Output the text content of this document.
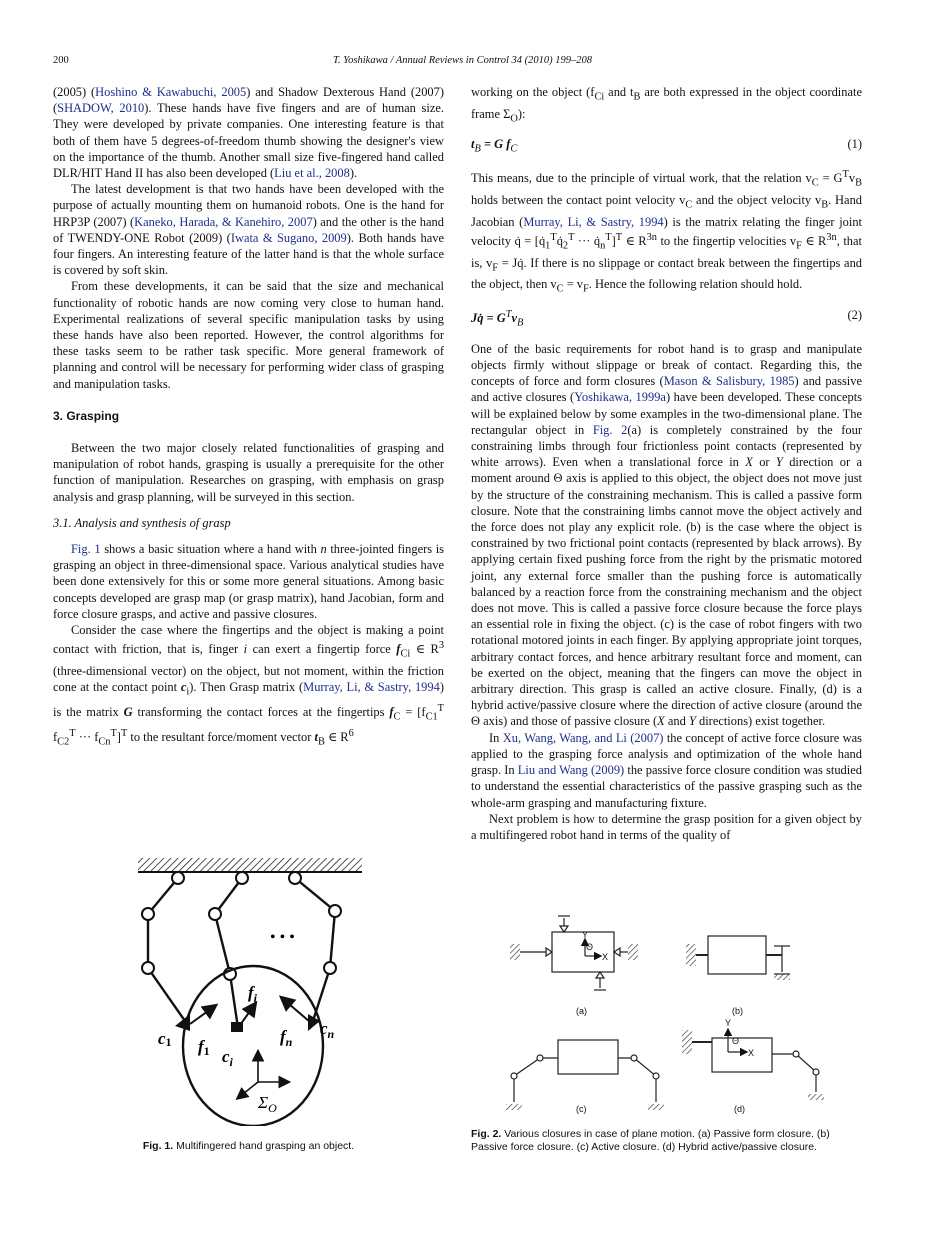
200	T. Yoshikawa / Annual Reviews in Control 34 (2010) 199–208

(2005) (Hoshino & Kawabuchi, 2005) and Shadow Dexterous Hand (2007) (SHADOW, 2010). These hands have five fingers and are of human size. They were developed by private companies. One interesting feature is that both of them have 5 degrees-of-freedom thumb showing the designer's view on the importance of the thumb. Another small size five-fingered hand called DLR/HIT Hand II has also been developed (Liu et al., 2008).

The latest development is that two hands have been developed with the purpose of actually mounting them on humanoid robots. One is the hand for HRP3P (2007) (Kaneko, Harada, & Kanehiro, 2007) and the other is the hand of TWENDY-ONE Robot (2009) (Iwata & Sugano, 2009). Both hands have four fingers. An interesting feature of the latter hand is that the whole surface is covered by soft skin.

From these developments, it can be said that the size and mechanical functionality of robotic hands are now coming very close to human hand. Experimental realizations of several specific manipulation tasks by using these hands have also been reported. However, the control algorithms for these tasks seem to be rather task specific. More general framework of planning and control will be necessary for performing wider class of grasping and manipulation tasks.

3. Grasping

Between the two major closely related functionalities of grasping and manipulation of robot hands, grasping is usually a prerequisite for the other function of manipulation. Researches on grasping, with emphasis on grasp analysis and grasp planning, will be surveyed in this section.

3.1. Analysis and synthesis of grasp

Fig. 1 shows a basic situation where a hand with n three-jointed fingers is grasping an object in three-dimensional space. Various analytical studies have been done extensively for this or some more general situations. Among basic concepts developed are grasp map (or grasp matrix), hand Jacobian, form and force closure grasps, and active and passive closures.

Consider the case where the fingertips and the object is making a point contact with friction, that is, finger i can exert a fingertip force $f_{Ci}$ ∈ $R^3$ (three-dimensional vector) on the object, but not moment, within the friction cone at the contact point $c_i$). Then Grasp matrix (Murray, Li, & Sastry, 1994) is the matrix G transforming the contact forces at the fingertips $f_C = [f_{C1}^T$ $f_{C2}^T$ ··· $f_{Cn}^T]^T$ to the resultant force/moment vector $t_B$ ∈ $R^6$

• • •
c1 f1 $c_i$
$f_i$
$f_n$
$c_n$
$\Sigma_O$
Fig. 1. Multifingered hand grasping an object.

working on the object ($f_{Ci}$ and $t_B$ are both expressed in the object coordinate frame $\Sigma_O$):

$t_B = G$ $f_C$	(1)

This means, due to the principle of virtual work, that the relation $v_C = G^Tv_B$ holds between the contact point velocity $v_C$ and the object velocity $v_B$. Hand Jacobian (Murray, Li, & Sastry, 1994) is the matrix relating the finger joint velocity q̇ = [$q̇_1^Tq̇_2^T$ ··· $q̇_n^T]^T$ ∈ $R^{3n}$ to the fingertip velocities $v_F$ ∈ $R^{3n}$, that is, $v_F$ = Jq̇. If there is no slippage or contact break between the fingertips and the object, then $v_C = v_F$. Hence the following relation should hold.

Jq̇ = $G^Tv_B$
(2)

One of the basic requirements for robot hand is to grasp and manipulate objects firmly without slippage or break of contact. Regarding this, the concepts of force and form closures (Mason & Salisbury, 1985) and passive and active closures (Yoshikawa, 1999a) have been developed. These concepts will be explained below by some examples in the two-dimensional plane. The rectangular object in Fig. 2(a) is completely constrained by the four constraining limbs through four frictionless point contacts (represented by white arrows). Even when a translational force in X or Y direction or a moment around Θ axis is applied to this object, the object does not move just by the structure of the constraining mechanism. This is called a passive form closure. Note that the constraining limbs cannot move the object actively and the force does not play any explicit role. (b) is the case where the object is constrained by two frictional point contacts (represented by black arrows). By applying certain fixed pushing force from the right by the prismatic motored joint, any external force smaller than the pushing force is automatically balanced by a reaction force from the constraining mechanism and the object does not move. This is called a passive force closure because the force plays an essential role in fixing the object. (c) is the case of robot fingers with two rotational motored joints in each finger. By applying appropriate joint torques, arbitrary contact forces, and hence arbitrary resultant force and moment, can be exerted on the object, meaning that the fingers can move the object in arbitrary direction. This grasp is called an active closure. Finally, (d) is a hybrid active/passive closure where the direction of active closure (around the Θ axis) and those of passive closure (X and Y directions) exist together.

In Xu, Wang, Wang, and Li (2007) the concept of active force closure was applied to the grasping force analysis and optimization of the whole hand grasp. In Liu and Wang (2009) the passive force closure condition was studied to understand the essential characteristics of the passive grasping such as the whole-arm grasping and manufacturing fixture.

Next problem is how to determine the grasp position for a given object by a multifingered robot hand in terms of the quality of

Y
X
Θ
Y
X
Θ
(a)	(b)
(c)	(d)
Fig. 2. Various closures in case of plane motion. (a) Passive form closure. (b) Passive force closure. (c) Active closure. (d) Hybrid active/passive closure.
